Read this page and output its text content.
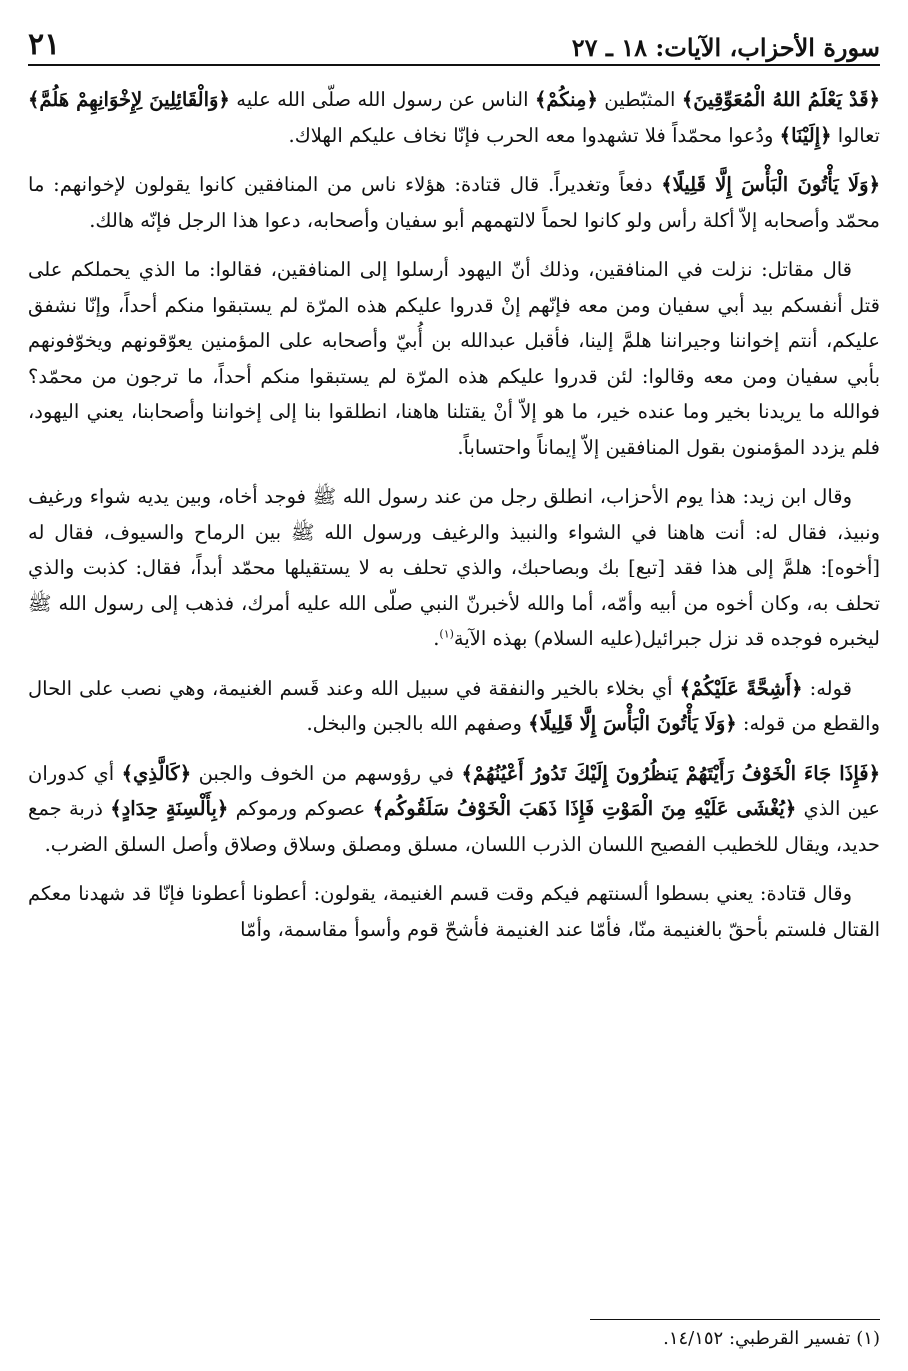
سورة الأحزاب، الآيات: ١٨ ـ ٢٧
٢١

﴿قَدْ يَعْلَمُ اللهُ الْمُعَوِّقِينَ﴾ المثبّطين ﴿مِنكُمْ﴾ الناس عن رسول الله صلّى الله عليه ﴿وَالْقَائِلِينَ لِإِخْوَانِهِمْ هَلُمَّ﴾ تعالوا ﴿إِلَيْنَا﴾ ودُعوا محمّداً فلا تشهدوا معه الحرب فإنّا نخاف عليكم الهلاك.

﴿وَلَا يَأْتُونَ الْبَأْسَ إِلَّا قَلِيلًا﴾ دفعاً وتغديراً. قال قتادة: هؤلاء ناس من المنافقين كانوا يقولون لإخوانهم: ما محمّد وأصحابه إلاّ أكلة رأس ولو كانوا لحماً لالتهمهم أبو سفيان وأصحابه، دعوا هذا الرجل فإنّه هالك.

قال مقاتل: نزلت في المنافقين، وذلك أنّ اليهود أرسلوا إلى المنافقين، فقالوا: ما الذي يحملكم على قتل أنفسكم بيد أبي سفيان ومن معه فإنّهم إنْ قدروا عليكم هذه المرّة لم يستبقوا منكم أحداً، وإنّا نشفق عليكم، أنتم إخواننا وجيراننا هلمَّ إلينا، فأقبل عبدالله بن أُبيّ وأصحابه على المؤمنين يعوّقونهم ويخوّفونهم بأبي سفيان ومن معه وقالوا: لئن قدروا عليكم هذه المرّة لم يستبقوا منكم أحداً، ما ترجون من محمّد؟ فوالله ما يريدنا بخير وما عنده خير، ما هو إلاّ أنْ يقتلنا هاهنا، انطلقوا بنا إلى إخواننا وأصحابنا، يعني اليهود، فلم يزدد المؤمنون بقول المنافقين إلاّ إيماناً واحتساباً.

وقال ابن زيد: هذا يوم الأحزاب، انطلق رجل من عند رسول الله ﷺ فوجد أخاه، وبين يديه شواء ورغيف ونبيذ، فقال له: أنت هاهنا في الشواء والنبيذ والرغيف ورسول الله ﷺ بين الرماح والسيوف، فقال له [أخوه]: هلمَّ إلى هذا فقد [تبع] بك وبصاحبك، والذي تحلف به لا يستقيلها محمّد أبداً، فقال: كذبت والذي تحلف به، وكان أخوه من أبيه وأمّه، أما والله لأخبرنّ النبي صلّى الله عليه أمرك، فذهب إلى رسول الله ﷺ ليخبره فوجده قد نزل جبرائيل(عليه السلام) بهذه الآية$^{(١)}$.

قوله: ﴿أَشِحَّةً عَلَيْكُمْ﴾ أي بخلاء بالخير والنفقة في سبيل الله وعند قَسم الغنيمة، وهي نصب على الحال والقطع من قوله: ﴿وَلَا يَأْتُونَ الْبَأْسَ إِلَّا قَلِيلًا﴾ وصفهم الله بالجبن والبخل.

﴿فَإِذَا جَاءَ الْخَوْفُ رَأَيْتَهُمْ يَنظُرُونَ إِلَيْكَ تَدُورُ أَعْيُنُهُمْ﴾ في رؤوسهم من الخوف والجبن ﴿كَالَّذِي﴾ أي كدوران عين الذي ﴿يُغْشَى عَلَيْهِ مِنَ الْمَوْتِ فَإِذَا ذَهَبَ الْخَوْفُ سَلَقُوكُم﴾ عصوكم ورموكم ﴿بِأَلْسِنَةٍ حِدَادٍ﴾ ذربة جمع حديد، ويقال للخطيب الفصيح اللسان الذرب اللسان، مسلق ومصلق وسلاق وصلاق وأصل السلق الضرب.

وقال قتادة: يعني بسطوا ألسنتهم فيكم وقت قسم الغنيمة، يقولون: أعطونا أعطونا فإنّا قد شهدنا معكم القتال فلستم بأحقّ بالغنيمة منّا، فأمّا عند الغنيمة فأشحّ قوم وأسوأ مقاسمة، وأمّا

(١) تفسير القرطبي: ١٤/١٥٢.
